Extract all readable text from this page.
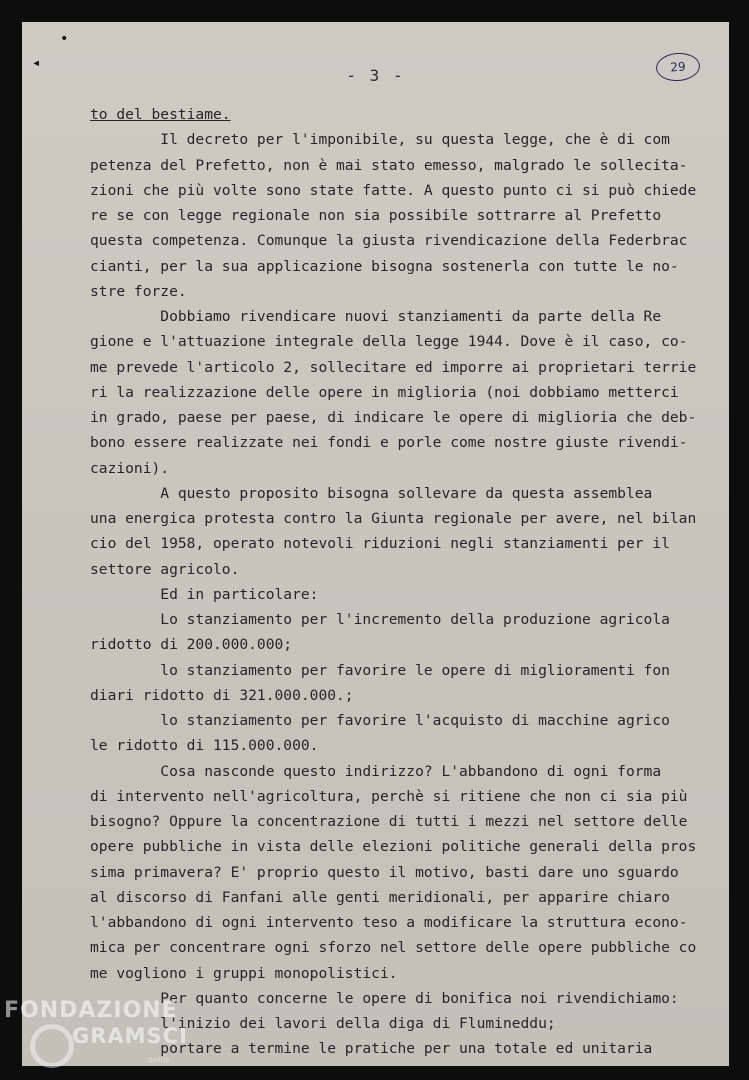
•
◂
- 3 -	29
to del bestiame.
Il decreto per l'imponibile, su questa legge, che è di com
petenza del Prefetto, non è mai stato emesso, malgrado le sollecita-
zioni che più volte sono state fatte. A questo punto ci si può chiede
re se con legge regionale non sia possibile sottrarre al Prefetto
questa competenza. Comunque la giusta rivendicazione della Federbrac
cianti, per la sua applicazione bisogna sostenerla con tutte le no-
stre forze.
Dobbiamo rivendicare nuovi stanziamenti da parte della Re
gione e l'attuazione integrale della legge 1944. Dove è il caso, co-
me prevede l'articolo 2, sollecitare ed imporre ai proprietari terrie
ri la realizzazione delle opere in miglioria (noi dobbiamo metterci
in grado, paese per paese, di indicare le opere di miglioria che deb-
bono essere realizzate nei fondi e porle come nostre giuste rivendi-
cazioni).
A questo proposito bisogna sollevare da questa assemblea
una energica protesta contro la Giunta regionale per avere, nel bilan
cio del 1958, operato notevoli riduzioni negli stanziamenti per il
settore agricolo.
Ed in particolare:
Lo stanziamento per l'incremento della produzione agricola
ridotto di 200.000.000;
lo stanziamento per favorire le opere di miglioramenti fon
diari ridotto di 321.000.000.;
lo stanziamento per favorire l'acquisto di macchine agrico
le ridotto di 115.000.000.
Cosa nasconde questo indirizzo? L'abbandono di ogni forma
di intervento nell'agricoltura, perchè si ritiene che non ci sia più
bisogno? Oppure la concentrazione di tutti i mezzi nel settore delle
opere pubbliche in vista delle elezioni politiche generali della pros
sima primavera? E' proprio questo il motivo, basti dare uno sguardo
al discorso di Fanfani alle genti meridionali, per apparire chiaro
l'abbandono di ogni intervento teso a modificare la struttura econo-
mica per concentrare ogni sforzo nel settore delle opere pubbliche co
me vogliono i gruppi monopolistici.
Per quanto concerne le opere di bonifica noi rivendichiamo:
l'inizio dei lavori della diga di Flumineddu;
portare a termine le pratiche per una totale ed unitaria
FONDAZIONE
GRAMSCI
onlus
